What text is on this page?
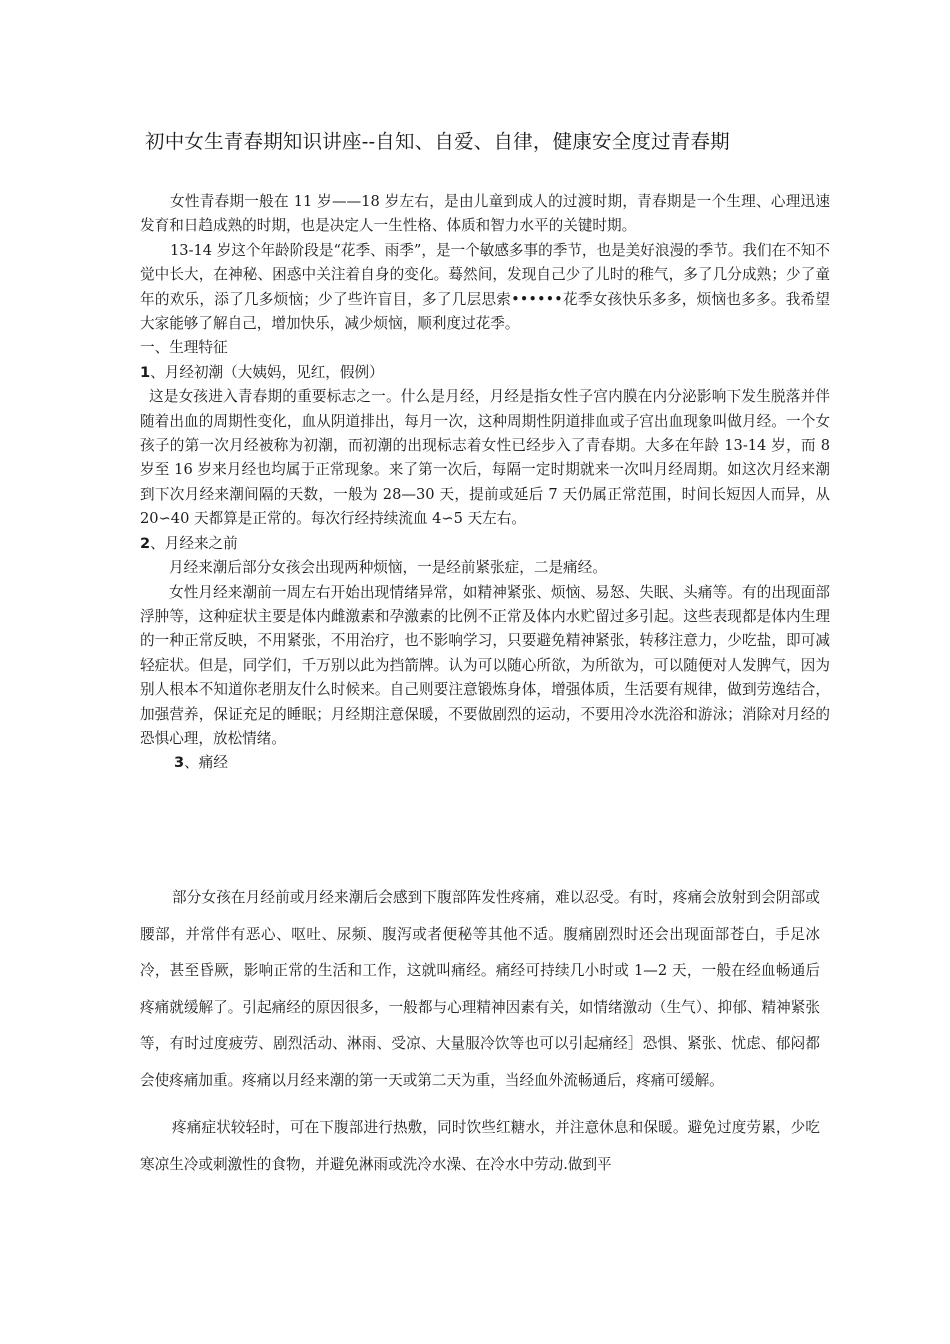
初中女生青春期知识讲座--自知、自爱、自律，健康安全度过青春期

女性青春期一般在 11 岁——18 岁左右，是由儿童到成人的过渡时期，青春期是一个生理、心理迅速发育和日趋成熟的时期，也是决定人一生性格、体质和智力水平的关键时期。

13-14 岁这个年龄阶段是“花季、雨季”，是一个敏感多事的季节，也是美好浪漫的季节。我们在不知不觉中长大，在神秘、困惑中关注着自身的变化。蓦然间，发现自己少了儿时的稚气，多了几分成熟；少了童年的欢乐，添了几多烦恼；少了些许盲目，多了几层思索••••••花季女孩快乐多多，烦恼也多多。我希望大家能够了解自己，增加快乐，减少烦恼，顺利度过花季。

一、生理特征

1、月经初潮（大姨妈，见红，假例）

这是女孩进入青春期的重要标志之一。什么是月经，月经是指女性子宫内膜在内分泌影响下发生脱落并伴随着出血的周期性变化，血从阴道排出，每月一次，这种周期性阴道排血或子宫出血现象叫做月经。一个女孩子的第一次月经被称为初潮，而初潮的出现标志着女性已经步入了青春期。大多在年龄 13-14 岁，而 8 岁至 16 岁来月经也均属于正常现象。来了第一次后，每隔一定时期就来一次叫月经周期。如这次月经来潮到下次月经来潮间隔的天数，一般为 28—30 天，提前或延后 7 天仍属正常范围，时间长短因人而异，从 20∽40 天都算是正常的。每次行经持续流血 4∽5 天左右。

2、月经来之前

月经来潮后部分女孩会出现两种烦恼，一是经前紧张症，二是痛经。

女性月经来潮前一周左右开始出现情绪异常，如精神紧张、烦恼、易怒、失眠、头痛等。有的出现面部浮肿等，这种症状主要是体内雌激素和孕激素的比例不正常及体内水贮留过多引起。这些表现都是体内生理的一种正常反映，不用紧张，不用治疗，也不影响学习，只要避免精神紧张，转移注意力，少吃盐，即可减轻症状。但是，同学们，千万别以此为挡箭牌。认为可以随心所欲，为所欲为，可以随便对人发脾气，因为别人根本不知道你老朋友什么时候来。自己则要注意锻炼身体，增强体质，生活要有规律，做到劳逸结合，加强营养，保证充足的睡眠；月经期注意保暖，不要做剧烈的运动，不要用冷水洗浴和游泳；消除对月经的恐惧心理，放松情绪。

3、痛经

部分女孩在月经前或月经来潮后会感到下腹部阵发性疼痛，难以忍受。有时，疼痛会放射到会阴部或腰部，并常伴有恶心、呕吐、尿频、腹泻或者便秘等其他不适。腹痛剧烈时还会出现面部苍白，手足冰冷，甚至昏厥，影响正常的生活和工作，这就叫痛经。痛经可持续几小时或 1—2 天，一般在经血畅通后疼痛就缓解了。引起痛经的原因很多，一般都与心理精神因素有关，如情绪激动（生气）、抑郁、精神紧张等，有时过度疲劳、剧烈活动、淋雨、受凉、大量服冷饮等也可以引起痛经］恐惧、紧张、忧虑、郁闷都会使疼痛加重。疼痛以月经来潮的第一天或第二天为重，当经血外流畅通后，疼痛可缓解。

疼痛症状较轻时，可在下腹部进行热敷，同时饮些红糖水，并注意休息和保暖。避免过度劳累，少吃寒凉生冷或刺激性的食物，并避免淋雨或洗冷水澡、在冷水中劳动.做到平
